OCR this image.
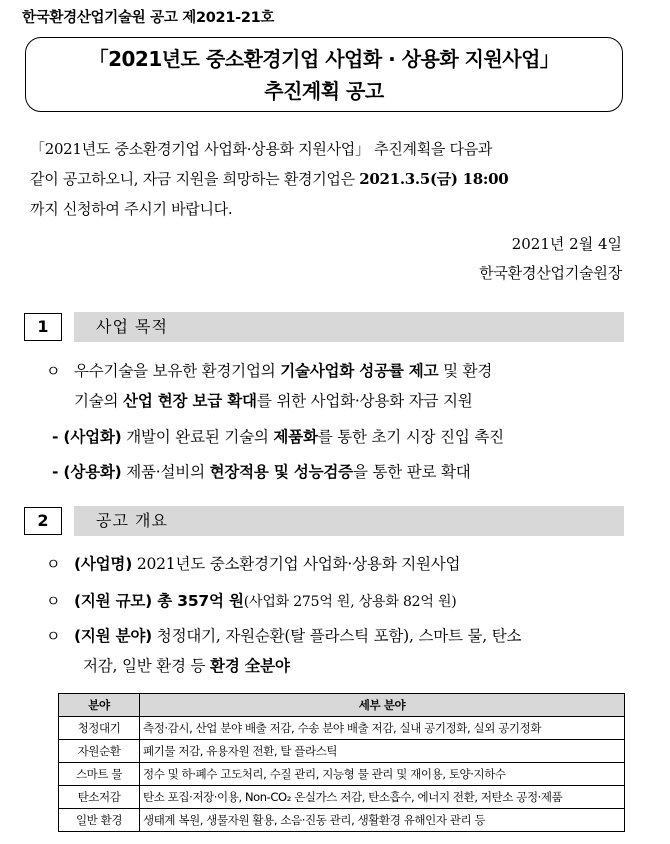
한국환경산업기술원 공고 제2021-21호
「2021년도 중소환경기업 사업화 · 상용화 지원사업」
추진계획 공고
「2021년도 중소환경기업 사업화·상용화 지원사업」 추진계획을 다음과
같이 공고하오니, 자금 지원을 희망하는 환경기업은 2021.3.5(금) 18:00
까지 신청하여 주시기 바랍니다.
2021년 2월 4일
한국환경산업기술원장
1	사업 목적
ㅇ 우수기술을 보유한 환경기업의 기술사업화 성공률 제고 및 환경
기술의 산업 현장 보급 확대를 위한 사업화·상용화 자금 지원
- (사업화) 개발이 완료된 기술의 제품화를 통한 초기 시장 진입 촉진
- (상용화) 제품·설비의 현장적용 및 성능검증을 통한 판로 확대
2	공고 개요
ㅇ (사업명) 2021년도 중소환경기업 사업화·상용화 지원사업
ㅇ (지원 규모) 총 357억 원(사업화 275억 원, 상용화 82억 원)
ㅇ (지원 분야) 청정대기, 자원순환(탈 플라스틱 포함), 스마트 물, 탄소
저감, 일반 환경 등 환경 全분야
분야	세부 분야
청정대기	측정·감시, 산업 분야 배출 저감, 수송 분야 배출 저감, 실내 공기정화, 실외 공기정화
자원순환	폐기물 저감, 유용자원 전환, 탈 플라스틱
스마트 물	정수 및 하·폐수 고도처리, 수질 관리, 지능형 물 관리 및 재이용, 토양·지하수
탄소저감	탄소 포집·저장·이용, Non-CO₂ 온실가스 저감, 탄소흡수, 에너지 전환, 저탄소 공정·제품
일반 환경	생태계 복원, 생물자원 활용, 소음·진동 관리, 생활환경 유해인자 관리 등
